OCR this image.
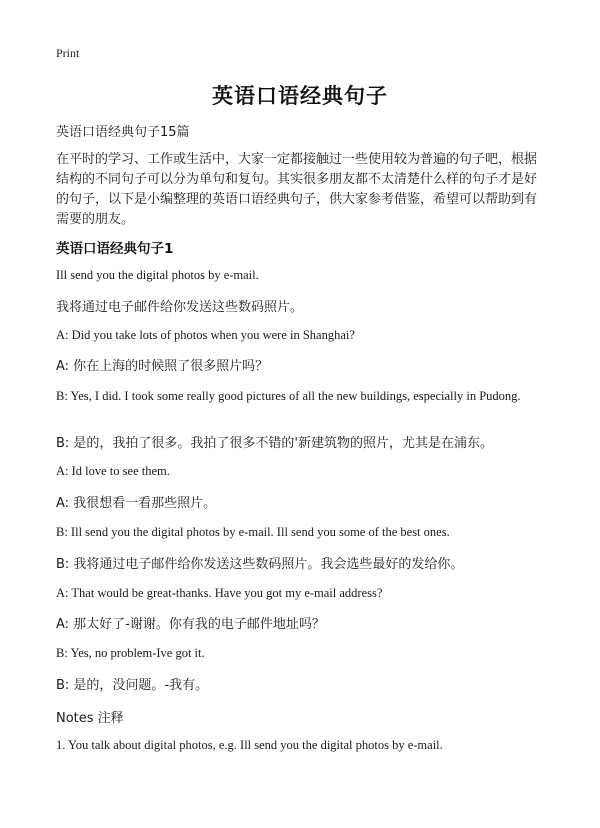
Print
英语口语经典句子
英语口语经典句子15篇
在平时的学习、工作或生活中，大家一定都接触过一些使用较为普遍的句子吧，根据结构的不同句子可以分为单句和复句。其实很多朋友都不太清楚什么样的句子才是好的句子，以下是小编整理的英语口语经典句子，供大家参考借鉴，希望可以帮助到有需要的朋友。
英语口语经典句子1
Ill send you the digital photos by e-mail.
我将通过电子邮件给你发送这些数码照片。
A: Did you take lots of photos when you were in Shanghai?
A: 你在上海的时候照了很多照片吗？
B: Yes, I did. I took some really good pictures of all the new buildings, especially in Pudong.
B: 是的，我拍了很多。我拍了很多不错的'新建筑物的照片，尤其是在浦东。
A: Id love to see them.
A: 我很想看一看那些照片。
B: Ill send you the digital photos by e-mail. Ill send you some of the best ones.
B: 我将通过电子邮件给你发送这些数码照片。我会选些最好的发给你。
A: That would be great-thanks. Have you got my e-mail address?
A: 那太好了-谢谢。你有我的电子邮件地址吗？
B: Yes, no problem-Ive got it.
B: 是的，没问题。-我有。
Notes 注释
1. You talk about digital photos, e.g. Ill send you the digital photos by e-mail.
